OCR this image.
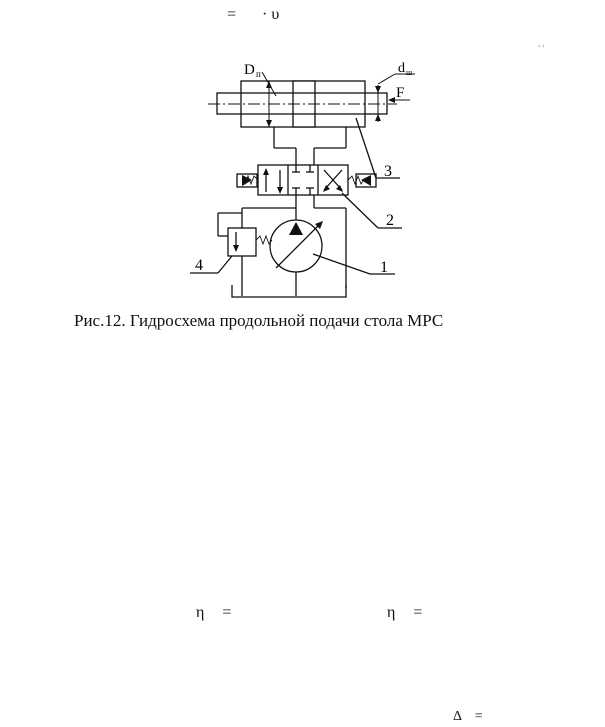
= · υ
‹ ‹
D п	d ш
F
3
2
1
4
Рис.12. Гидросхема продольной подачи стола МРС
η =	η =
Δ =
